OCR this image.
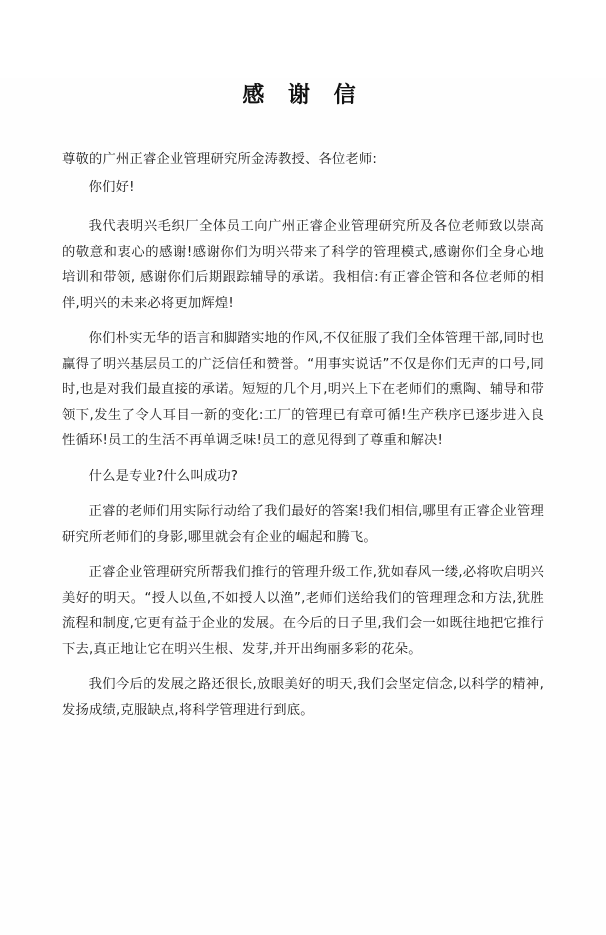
感 谢 信

尊敬的广州正睿企业管理研究所金涛教授、各位老师:

你们好!

我代表明兴毛织厂全体员工向广州正睿企业管理研究所及各位老师致以崇高的敬意和衷心的感谢!感谢你们为明兴带来了科学的管理模式,感谢你们全身心地培训和带领, 感谢你们后期跟踪辅导的承诺。我相信:有正睿企管和各位老师的相伴,明兴的未来必将更加辉煌!

你们朴实无华的语言和脚踏实地的作风,不仅征服了我们全体管理干部,同时也赢得了明兴基层员工的广泛信任和赞誉。“用事实说话”不仅是你们无声的口号,同时,也是对我们最直接的承诺。短短的几个月,明兴上下在老师们的熏陶、辅导和带领下,发生了令人耳目一新的变化:工厂的管理已有章可循!生产秩序已逐步进入良性循环!员工的生活不再单调乏味!员工的意见得到了尊重和解决!

什么是专业?什么叫成功?

正睿的老师们用实际行动给了我们最好的答案!我们相信,哪里有正睿企业管理研究所老师们的身影,哪里就会有企业的崛起和腾飞。

正睿企业管理研究所帮我们推行的管理升级工作,犹如春风一缕,必将吹启明兴美好的明天。“授人以鱼,不如授人以渔”,老师们送给我们的管理理念和方法,犹胜流程和制度,它更有益于企业的发展。在今后的日子里,我们会一如既往地把它推行下去,真正地让它在明兴生根、发芽,并开出绚丽多彩的花朵。

我们今后的发展之路还很长,放眼美好的明天,我们会坚定信念,以科学的精神,发扬成绩,克服缺点,将科学管理进行到底。
